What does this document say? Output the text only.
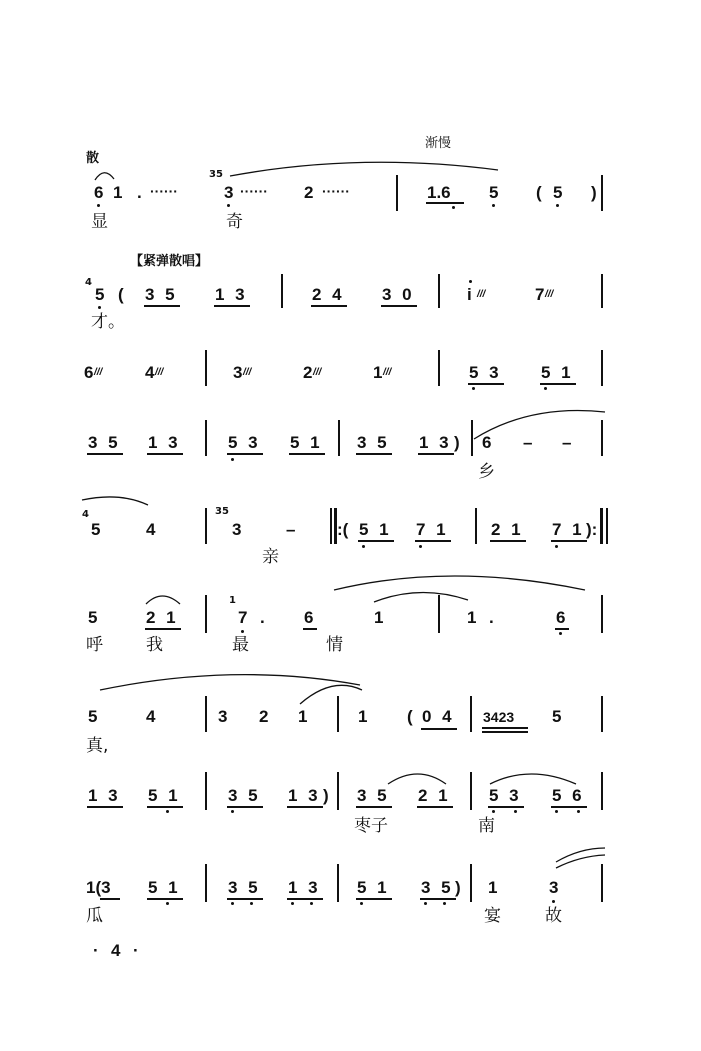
散
渐慢
6 1 . ······
35
3 ······ 2 ······	1.6 5 ( 5 )
显	奇
【紧弹散唱】
4
5 ( 3 5 1 3	2 4 3 0	i	7
///	///
才。
6	4	3	2	1
///	///	///	///	///	5 3 5 1
3 5 1 3	5 3 5 1 3 5 1 3 ) 6 – –
乡
4
5	4
35
3	– :( 5 1 7 1	2 1 7 1 ):
亲
5	2 1
1
7 . 6	1	1 .	6
呼	我	最	情
5	4	3 2 1	1 ( 0 4 3423 5
真,
1 3 5 1	3 5 1 3 ) 3 5 2 1 5 3 5 6
枣子	南
1(3 5 1	3 5 1 3 5 1 3 5 ) 1	3
瓜	宴	故
· 4 ·
